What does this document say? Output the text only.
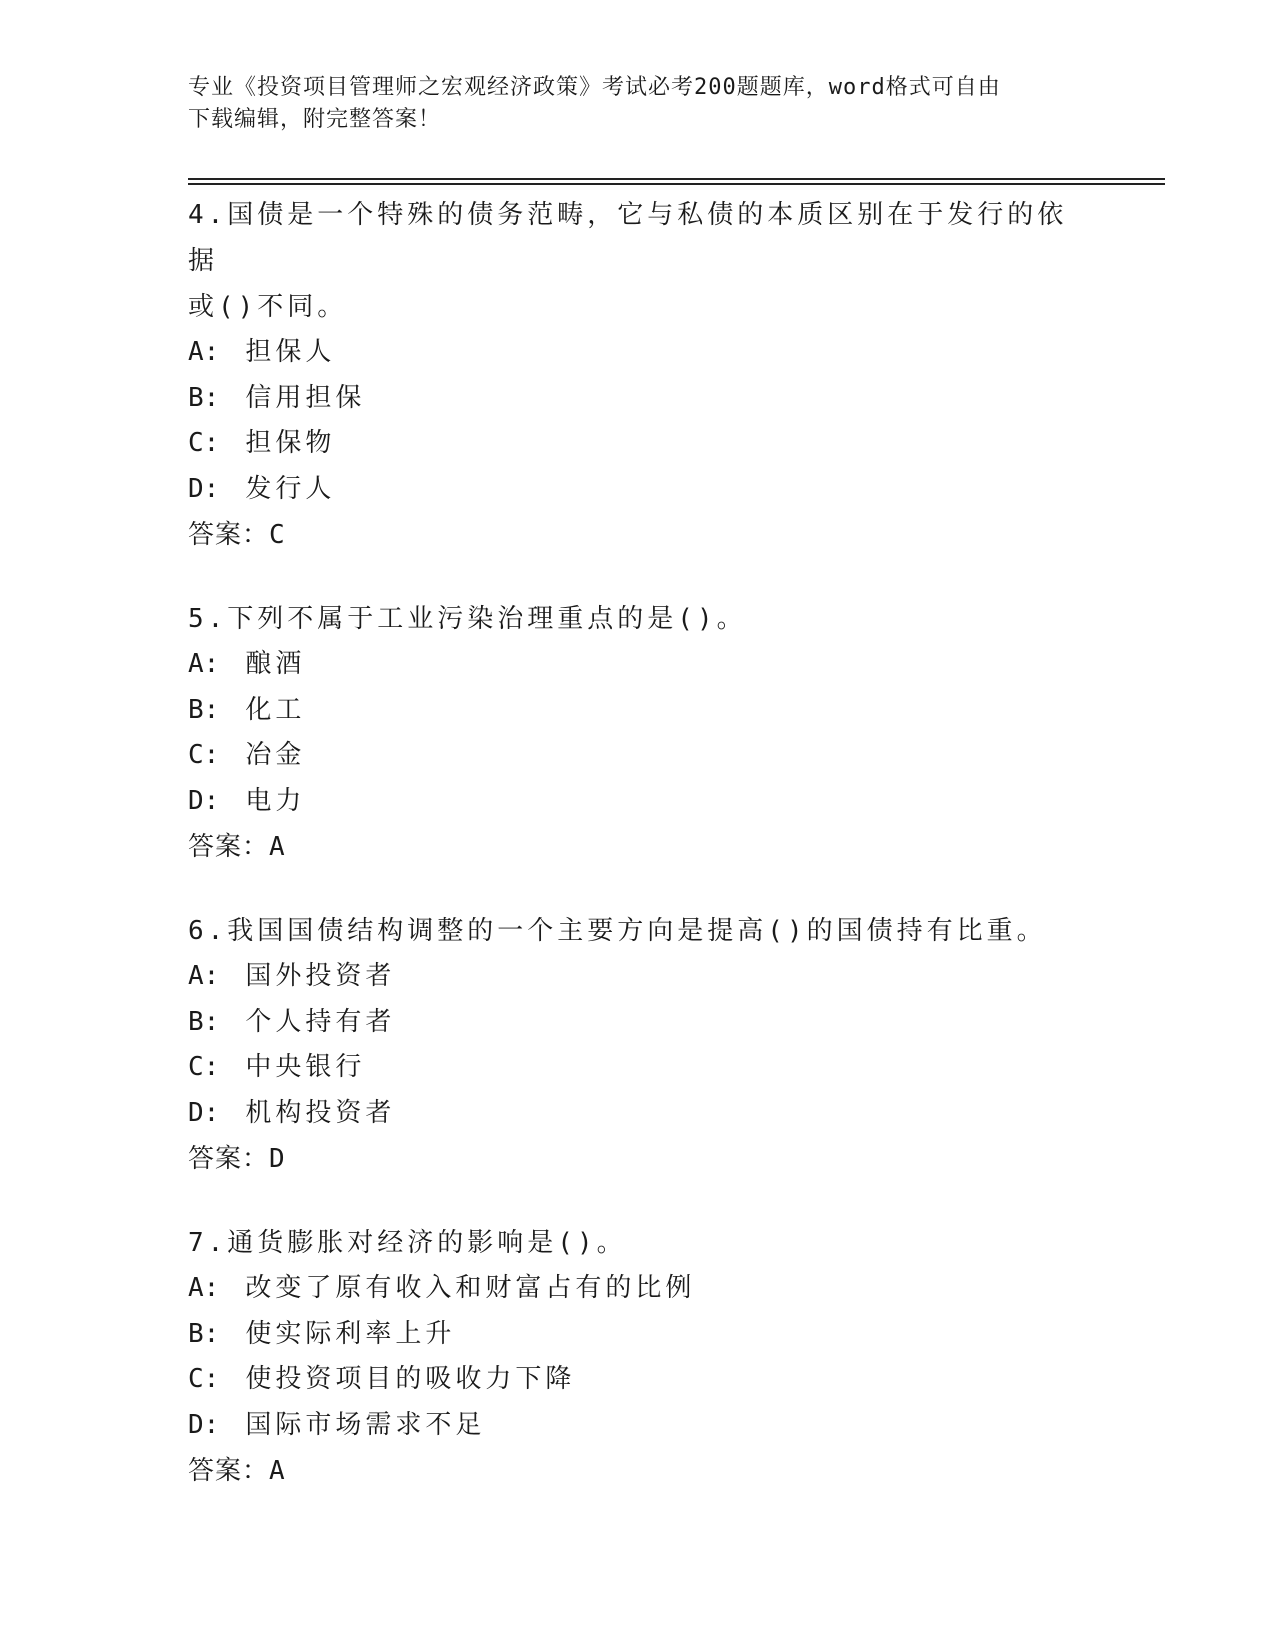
专业《投资项目管理师之宏观经济政策》考试必考200题题库，word格式可自由
下载编辑，附完整答案！
4.国债是一个特殊的债务范畴，它与私债的本质区别在于发行的依据
或()不同。
A: 担保人
B: 信用担保
C: 担保物
D: 发行人
答案：C
5.下列不属于工业污染治理重点的是()。
A: 酿酒
B: 化工
C: 冶金
D: 电力
答案：A
6.我国国债结构调整的一个主要方向是提高()的国债持有比重。
A: 国外投资者
B: 个人持有者
C: 中央银行
D: 机构投资者
答案：D
7.通货膨胀对经济的影响是()。
A: 改变了原有收入和财富占有的比例
B: 使实际利率上升
C: 使投资项目的吸收力下降
D: 国际市场需求不足
答案：A
